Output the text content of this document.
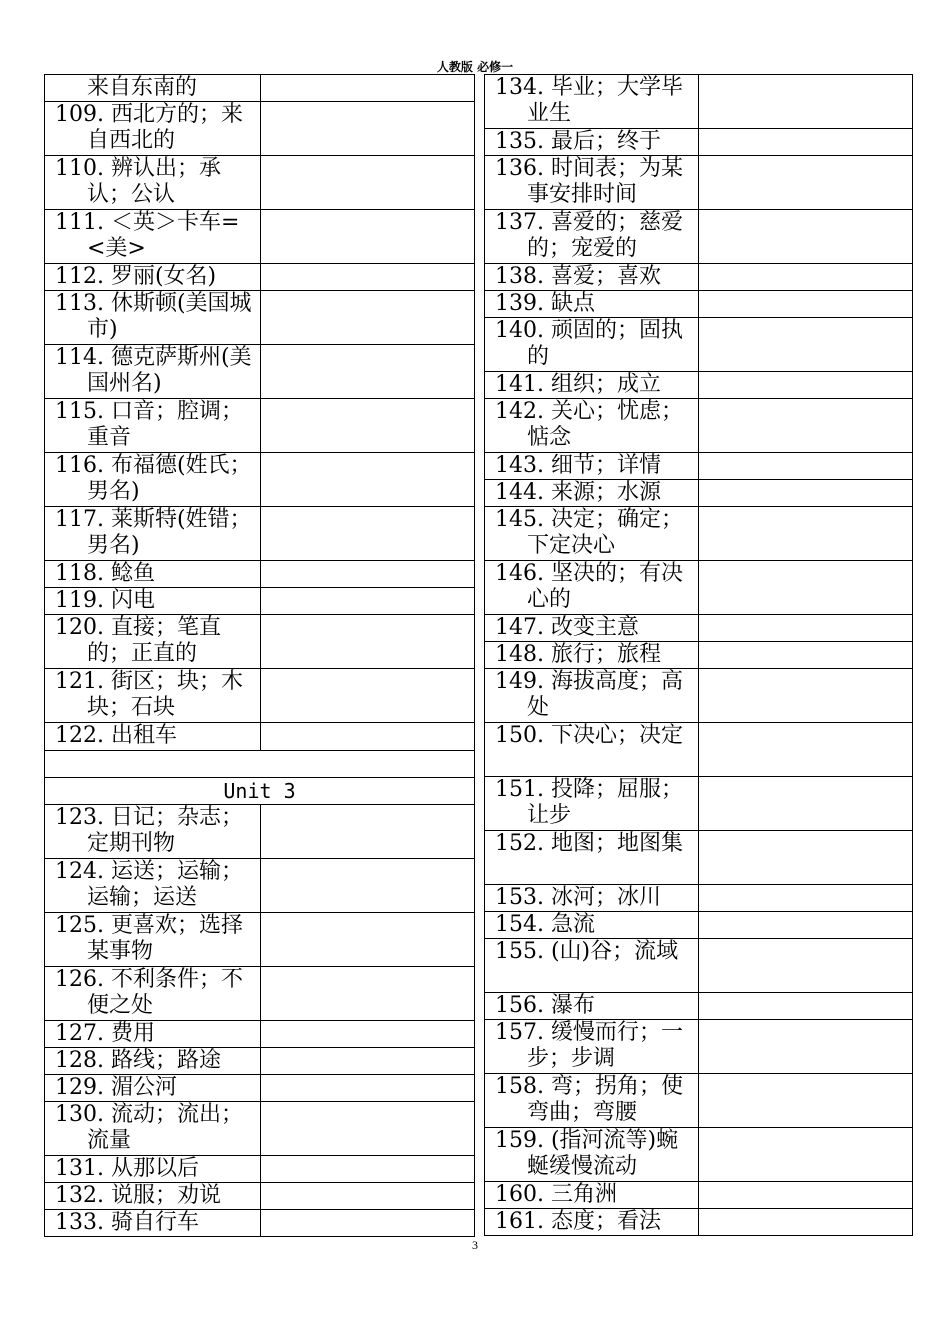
人教版 必修一
来自东南的	
109. 西北方的；来自西北的	
110. 辨认出；承认；公认	
111. ＜英＞卡车=<美>	
112. 罗丽(女名)	
113. 休斯顿(美国城市)	
114. 德克萨斯州(美国州名)	
115. 口音；腔调；重音	
116. 布福德(姓氏；男名)	
117. 莱斯特(姓错；男名)	
118. 鲶鱼	
119. 闪电	
120. 直接；笔直的；正直的	
121. 街区；块；木块；石块	
122. 出租车	

Unit 3	
123. 日记；杂志；定期刊物	
124. 运送；运输；运输；运送	
125. 更喜欢；选择某事物	
126. 不利条件；不便之处	
127. 费用	
128. 路线；路途	
129. 湄公河	
130. 流动；流出；流量	
131. 从那以后	
132. 说服；劝说	
133. 骑自行车	
134. 毕业；大学毕业生	
135. 最后；终于	
136. 时间表；为某事安排时间	
137. 喜爱的；慈爱的；宠爱的	
138. 喜爱；喜欢	
139. 缺点	
140. 顽固的；固执的	
141. 组织；成立	
142. 关心；忧虑；惦念	
143. 细节；详情	
144. 来源；水源	
145. 决定；确定；下定决心	
146. 坚决的；有决心的	
147. 改变主意	
148. 旅行；旅程	
149. 海拔高度；高处	
150. 下决心；决定	
151. 投降；屈服；让步	
152. 地图；地图集	
153. 冰河；冰川	
154. 急流	
155. (山)谷；流域	
156. 瀑布	
157. 缓慢而行；一步；步调	
158. 弯；拐角；使弯曲；弯腰	
159. (指河流等)蜿蜒缓慢流动	
160. 三角洲	
161. 态度；看法	
3
